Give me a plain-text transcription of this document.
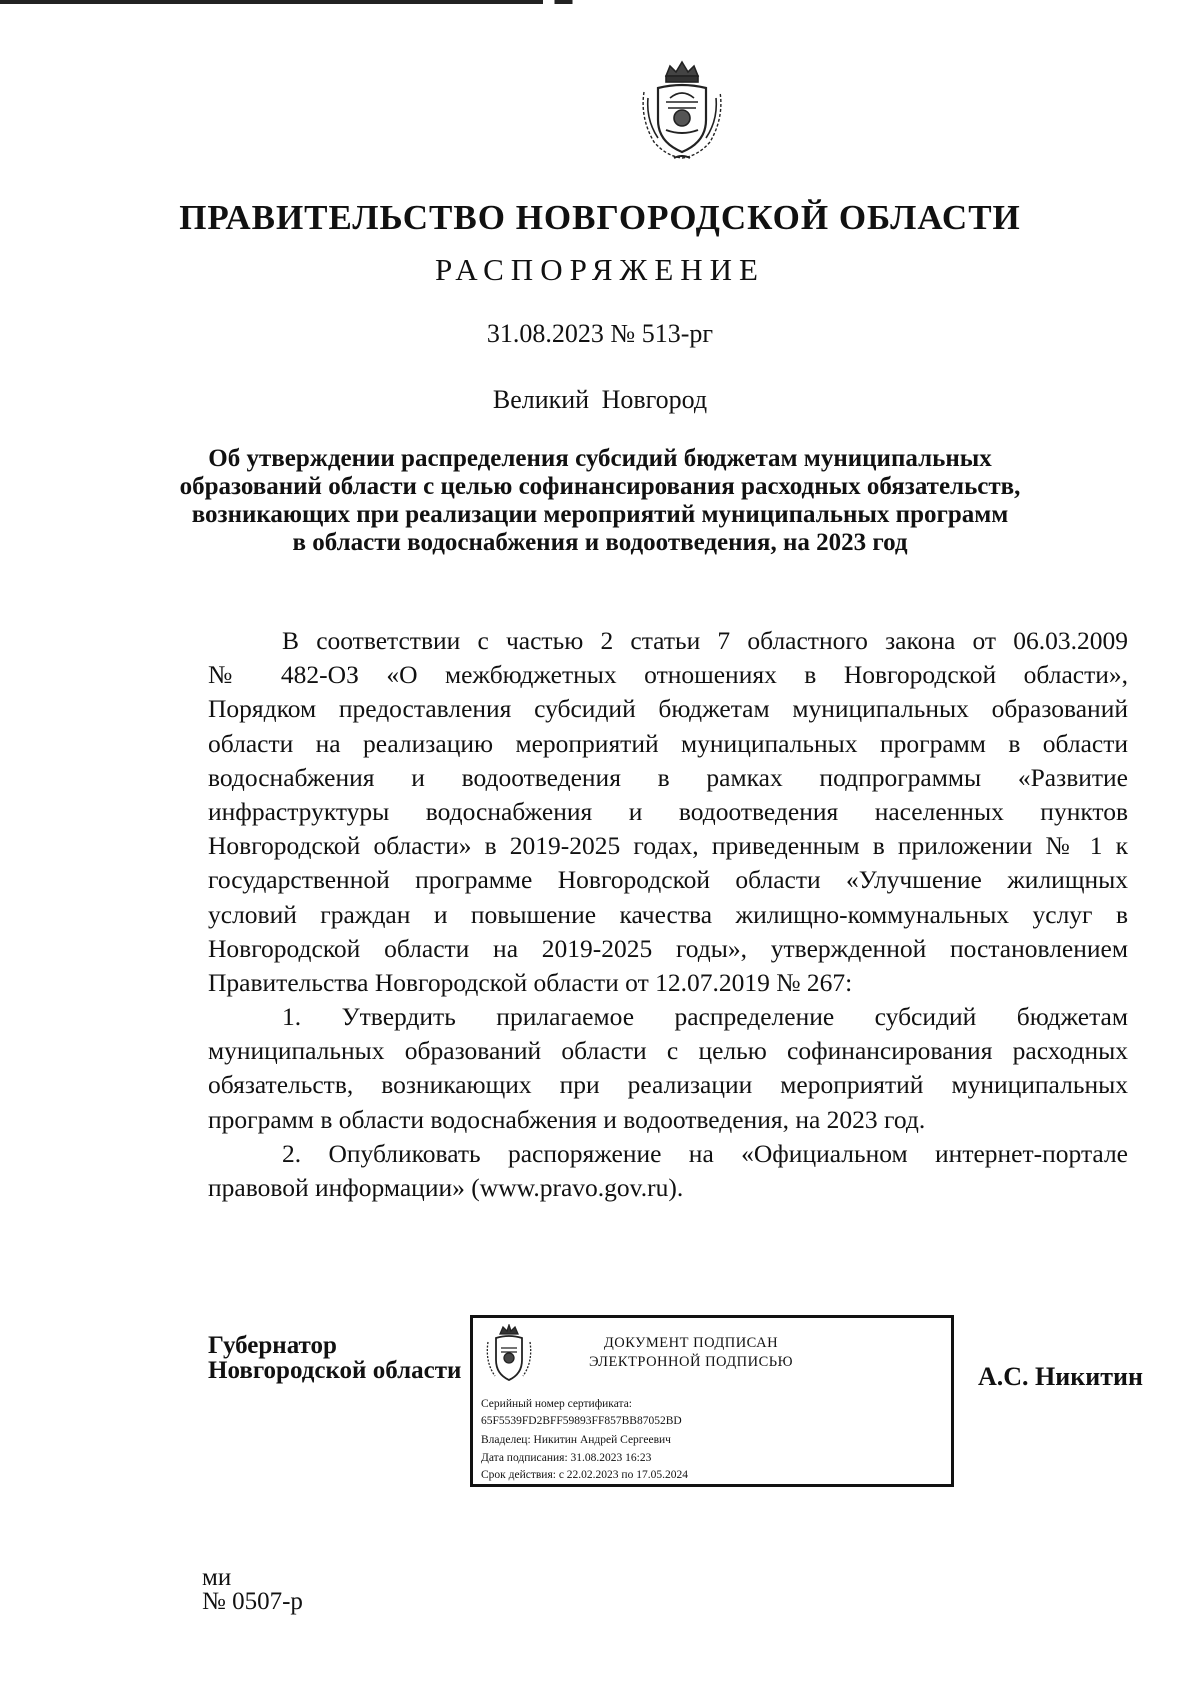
ПРАВИТЕЛЬСТВО НОВГОРОДСКОЙ ОБЛАСТИ
РАСПОРЯЖЕНИЕ
31.08.2023 № 513-рг
Великий Новгород
Об утверждении распределения субсидий бюджетам муниципальных
образований области с целью софинансирования расходных обязательств,
возникающих при реализации мероприятий муниципальных программ
в области водоснабжения и водоотведения, на 2023 год
В соответствии с частью 2 статьи 7 областного закона от 06.03.2009
№ 482-ОЗ «О межбюджетных отношениях в Новгородской области»,
Порядком предоставления субсидий бюджетам муниципальных образований
области на реализацию мероприятий муниципальных программ в области
водоснабжения и водоотведения в рамках подпрограммы «Развитие
инфраструктуры водоснабжения и водоотведения населенных пунктов
Новгородской области» в 2019-2025 годах, приведенным в приложении № 1 к
государственной программе Новгородской области «Улучшение жилищных
условий граждан и повышение качества жилищно-коммунальных услуг в
Новгородской области на 2019-2025 годы», утвержденной постановлением
Правительства Новгородской области от 12.07.2019 № 267:
1. Утвердить прилагаемое распределение субсидий бюджетам
муниципальных образований области с целью софинансирования расходных
обязательств, возникающих при реализации мероприятий муниципальных
программ в области водоснабжения и водоотведения, на 2023 год.
2. Опубликовать распоряжение на «Официальном интернет-портале
правовой информации» (www.pravo.gov.ru).
Губернатор
Новгородской области
ДОКУМЕНТ ПОДПИСАН
ЭЛЕКТРОННОЙ ПОДПИСЬЮ
Серийный номер сертификата:
65F5539FD2BFF59893FF857BB87052BD
Владелец: Никитин Андрей Сергеевич
Дата подписания: 31.08.2023 16:23
Срок действия: с 22.02.2023 по 17.05.2024
А.С. Никитин
ми
№ 0507-р
